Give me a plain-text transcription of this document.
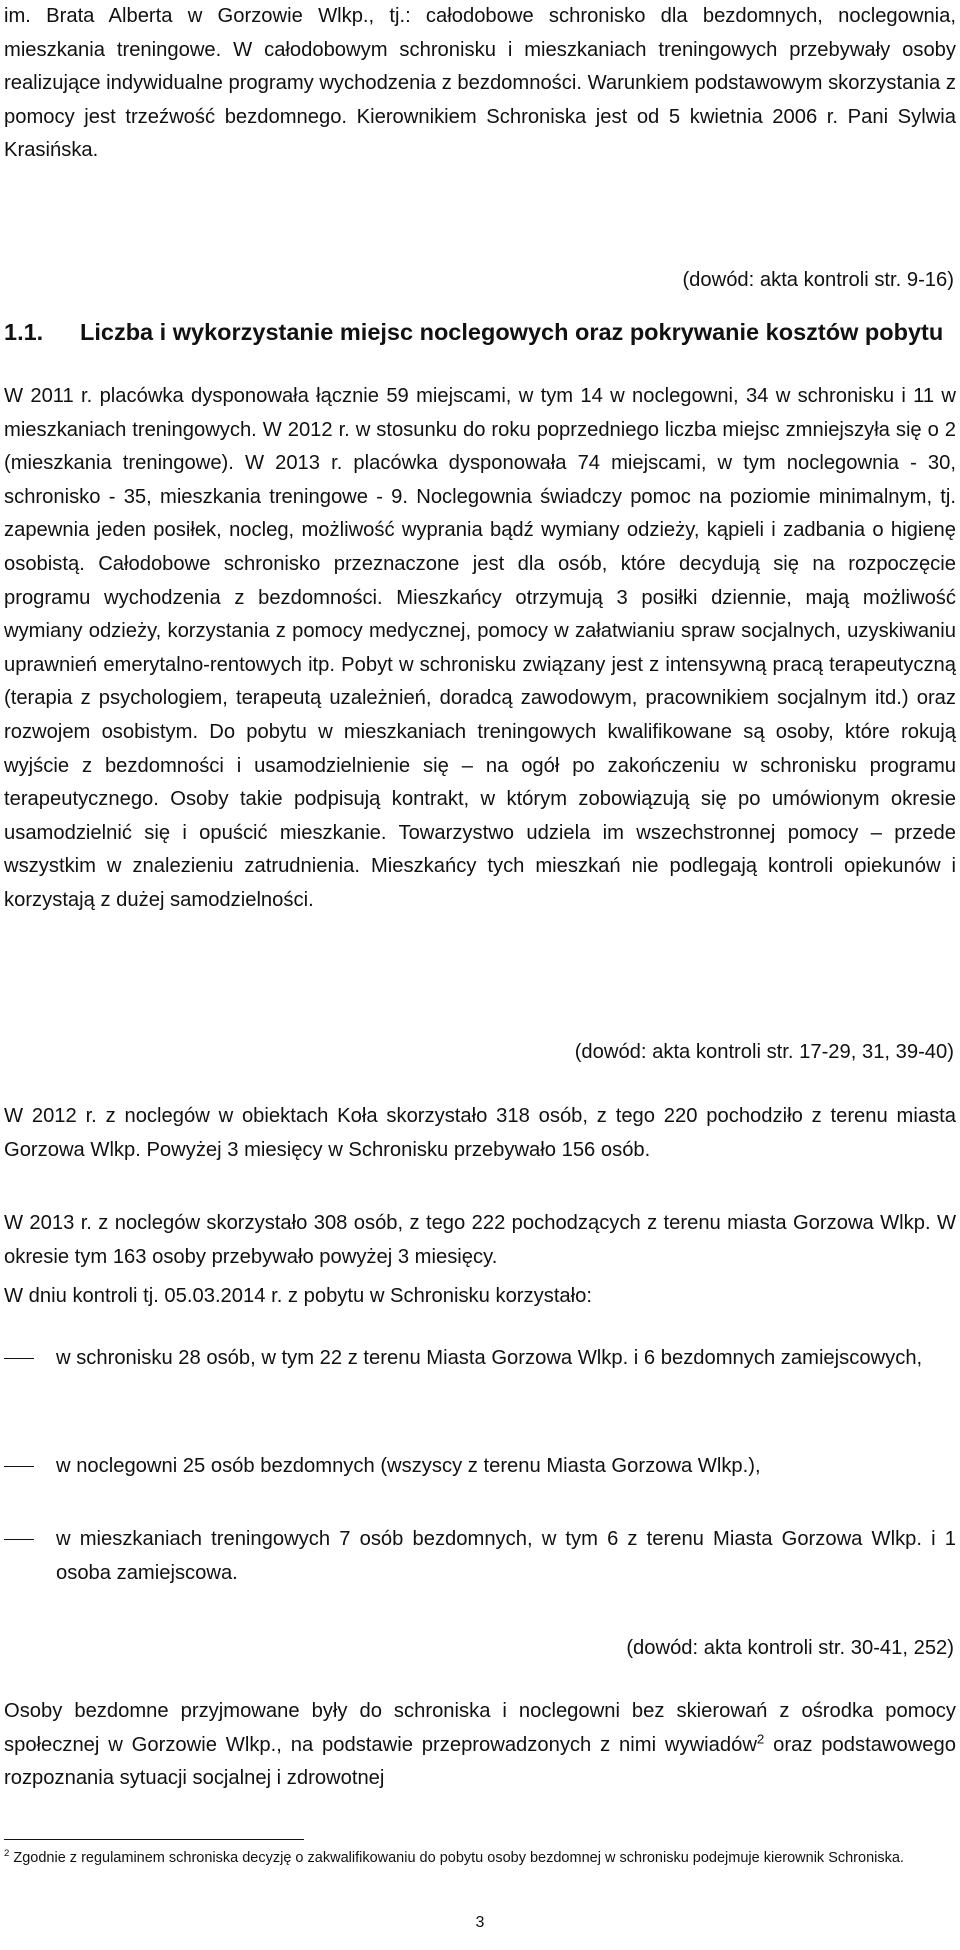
im. Brata Alberta w Gorzowie Wlkp., tj.: całodobowe schronisko dla bezdomnych, noclegownia, mieszkania treningowe. W całodobowym schronisku i mieszkaniach treningowych przebywały osoby realizujące indywidualne programy wychodzenia z bezdomności. Warunkiem podstawowym skorzystania z pomocy jest trzeźwość bezdomnego. Kierownikiem Schroniska jest od 5 kwietnia 2006 r. Pani Sylwia Krasińska.
(dowód: akta kontroli str. 9-16)
1.1. Liczba i wykorzystanie miejsc noclegowych oraz pokrywanie kosztów pobytu
W 2011 r. placówka dysponowała łącznie 59 miejscami, w tym 14 w noclegowni, 34 w schronisku i 11 w mieszkaniach treningowych. W 2012 r. w stosunku do roku poprzedniego liczba miejsc zmniejszyła się o 2 (mieszkania treningowe). W 2013 r. placówka dysponowała 74 miejscami, w tym noclegownia - 30, schronisko - 35, mieszkania treningowe - 9. Noclegownia świadczy pomoc na poziomie minimalnym, tj. zapewnia jeden posiłek, nocleg, możliwość wyprania bądź wymiany odzieży, kąpieli i zadbania o higienę osobistą. Całodobowe schronisko przeznaczone jest dla osób, które decydują się na rozpoczęcie programu wychodzenia z bezdomności. Mieszkańcy otrzymują 3 posiłki dziennie, mają możliwość wymiany odzieży, korzystania z pomocy medycznej, pomocy w załatwianiu spraw socjalnych, uzyskiwaniu uprawnień emerytalno-rentowych itp. Pobyt w schronisku związany jest z intensywną pracą terapeutyczną (terapia z psychologiem, terapeutą uzależnień, doradcą zawodowym, pracownikiem socjalnym itd.) oraz rozwojem osobistym. Do pobytu w mieszkaniach treningowych kwalifikowane są osoby, które rokują wyjście z bezdomności i usamodzielnienie się – na ogół po zakończeniu w schronisku programu terapeutycznego. Osoby takie podpisują kontrakt, w którym zobowiązują się po umówionym okresie usamodzielnić się i opuścić mieszkanie. Towarzystwo udziela im wszechstronnej pomocy – przede wszystkim w znalezieniu zatrudnienia. Mieszkańcy tych mieszkań nie podlegają kontroli opiekunów i korzystają z dużej samodzielności.
(dowód: akta kontroli str. 17-29, 31, 39-40)
W 2012 r. z noclegów w obiektach Koła skorzystało 318 osób, z tego 220 pochodziło z terenu miasta Gorzowa Wlkp. Powyżej 3 miesięcy w Schronisku przebywało 156 osób.
W 2013 r. z noclegów skorzystało 308 osób, z tego 222 pochodzących z terenu miasta Gorzowa Wlkp. W okresie tym 163 osoby przebywało powyżej 3 miesięcy.
W dniu kontroli tj. 05.03.2014 r. z pobytu w Schronisku korzystało:
w schronisku 28 osób, w tym 22 z terenu Miasta Gorzowa Wlkp. i 6 bezdomnych zamiejscowych,
w noclegowni 25 osób bezdomnych (wszyscy z terenu Miasta Gorzowa Wlkp.),
w mieszkaniach treningowych 7 osób bezdomnych, w tym 6 z terenu Miasta Gorzowa Wlkp. i 1 osoba zamiejscowa.
(dowód: akta kontroli str. 30-41, 252)
Osoby bezdomne przyjmowane były do schroniska i noclegowni bez skierowań z ośrodka pomocy społecznej w Gorzowie Wlkp., na podstawie przeprowadzonych z nimi wywiadów$^2$ oraz podstawowego rozpoznania sytuacji socjalnej i zdrowotnej
$^2$ Zgodnie z regulaminem schroniska decyzję o zakwalifikowaniu do pobytu osoby bezdomnej w schronisku podejmuje kierownik Schroniska.
3
